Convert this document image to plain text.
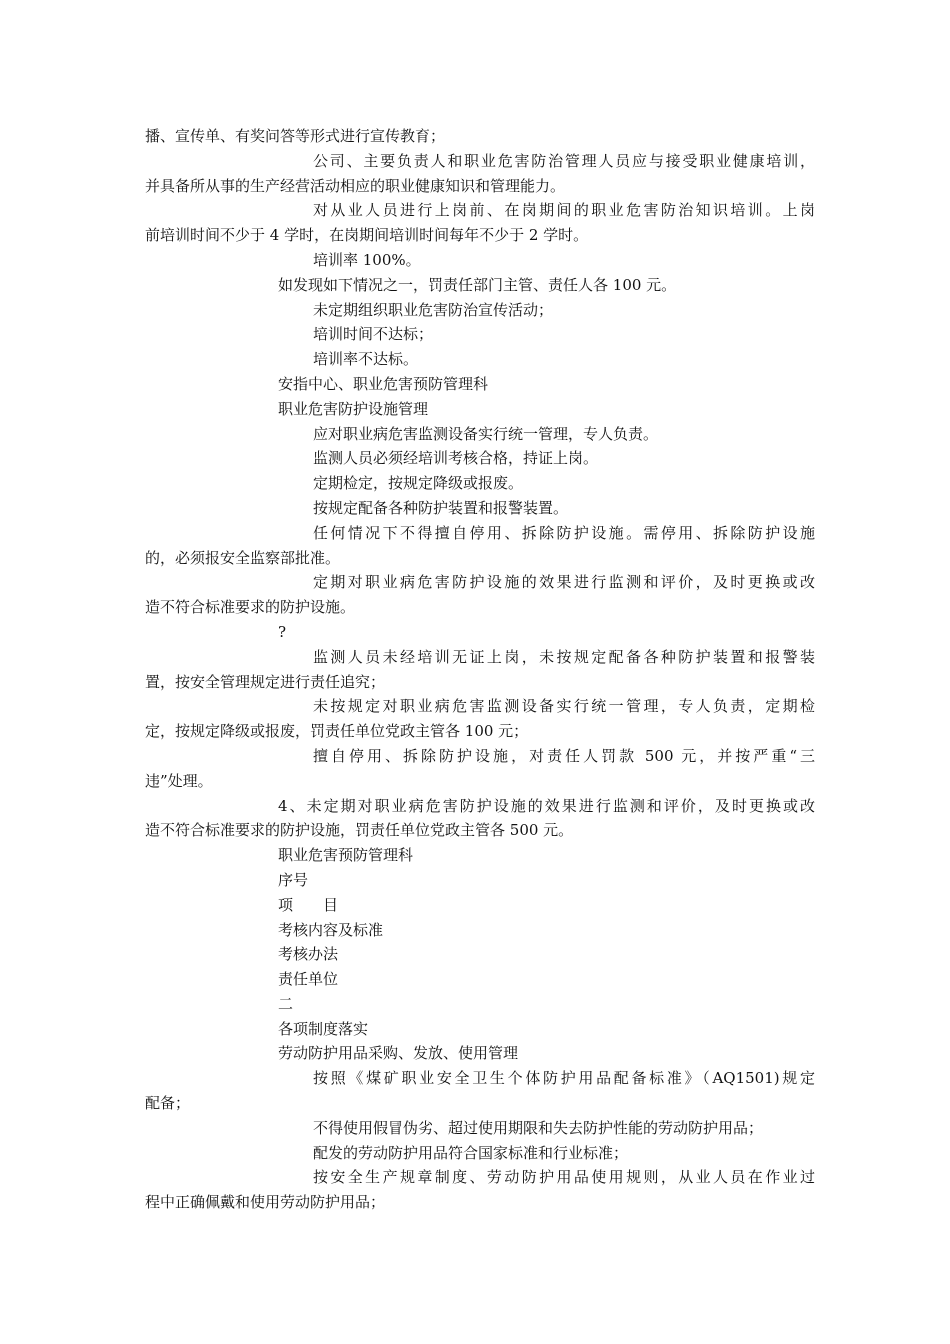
播、宣传单、有奖问答等形式进行宣传教育；
公司、主要负责人和职业危害防治管理人员应与接受职业健康培训，
并具备所从事的生产经营活动相应的职业健康知识和管理能力。
对从业人员进行上岗前、在岗期间的职业危害防治知识培训。上岗
前培训时间不少于 4 学时，在岗期间培训时间每年不少于 2 学时。
培训率 100%。
如发现如下情况之一，罚责任部门主管、责任人各 100 元。
未定期组织职业危害防治宣传活动；
培训时间不达标；
培训率不达标。
安指中心、职业危害预防管理科
职业危害防护设施管理
应对职业病危害监测设备实行统一管理，专人负责。
监测人员必须经培训考核合格，持证上岗。
定期检定，按规定降级或报废。
按规定配备各种防护装置和报警装置。
任何情况下不得擅自停用、拆除防护设施。需停用、拆除防护设施
的，必须报安全监察部批准。
定期对职业病危害防护设施的效果进行监测和评价，及时更换或改
造不符合标准要求的防护设施。
?
监测人员未经培训无证上岗，未按规定配备各种防护装置和报警装
置，按安全管理规定进行责任追究；
未按规定对职业病危害监测设备实行统一管理，专人负责，定期检
定，按规定降级或报废，罚责任单位党政主管各 100 元；
擅自停用、拆除防护设施，对责任人罚款 500 元，并按严重“三
违”处理。
4、未定期对职业病危害防护设施的效果进行监测和评价，及时更换或改
造不符合标准要求的防护设施，罚责任单位党政主管各 500 元。
职业危害预防管理科
序号
项　　目
考核内容及标准
考核办法
责任单位
二
各项制度落实
劳动防护用品采购、发放、使用管理
按照《煤矿职业安全卫生个体防护用品配备标准》（AQ1501)规定
配备；
不得使用假冒伪劣、超过使用期限和失去防护性能的劳动防护用品；
配发的劳动防护用品符合国家标准和行业标准；
按安全生产规章制度、劳动防护用品使用规则，从业人员在作业过
程中正确佩戴和使用劳动防护用品；
